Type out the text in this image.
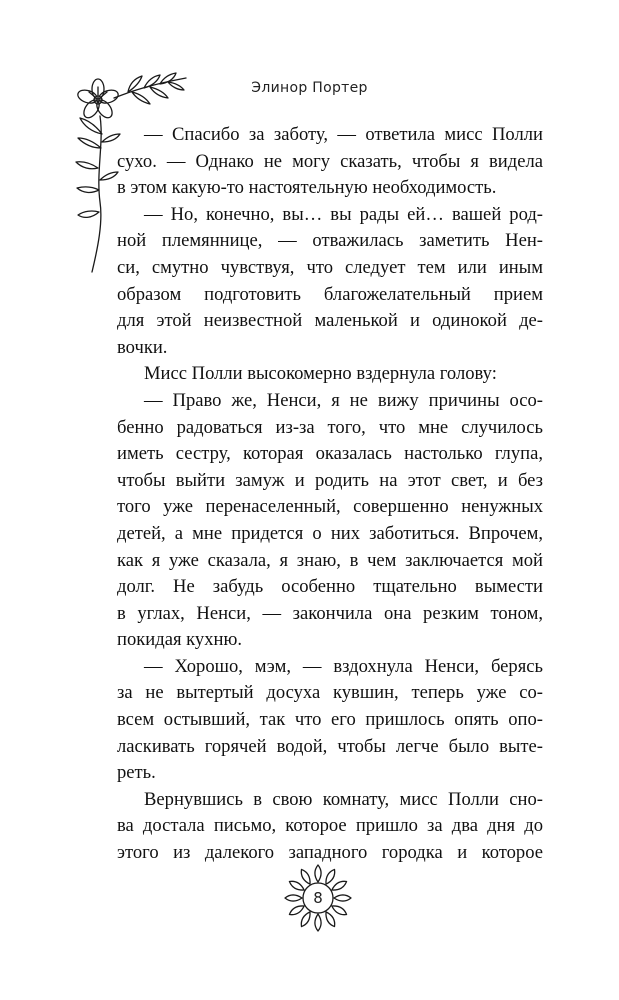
Элинор Портер
— Спасибо за заботу, — ответила мисс Полли
сухо. — Однако не могу сказать, чтобы я видела
в этом какую-то настоятельную необходимость.
— Но, конечно, вы… вы рады ей… вашей род-
ной племяннице, — отважилась заметить Нен-
си, смутно чувствуя, что следует тем или иным
образом подготовить благожелательный прием
для этой неизвестной маленькой и одинокой де-
вочки.
Мисс Полли высокомерно вздернула голову:
— Право же, Ненси, я не вижу причины осо-
бенно радоваться из-за того, что мне случилось
иметь сестру, которая оказалась настолько глупа,
чтобы выйти замуж и родить на этот свет, и без
того уже перенаселенный, совершенно ненужных
детей, а мне придется о них заботиться. Впрочем,
как я уже сказала, я знаю, в чем заключается мой
долг. Не забудь особенно тщательно вымести
в углах, Ненси, — закончила она резким тоном,
покидая кухню.
— Хорошо, мэм, — вздохнула Ненси, берясь
за не вытертый досуха кувшин, теперь уже со-
всем остывший, так что его пришлось опять опо-
ласкивать горячей водой, чтобы легче было выте-
реть.
Вернувшись в свою комнату, мисс Полли сно-
ва достала письмо, которое пришло за два дня до
этого из далекого западного городка и которое
8
